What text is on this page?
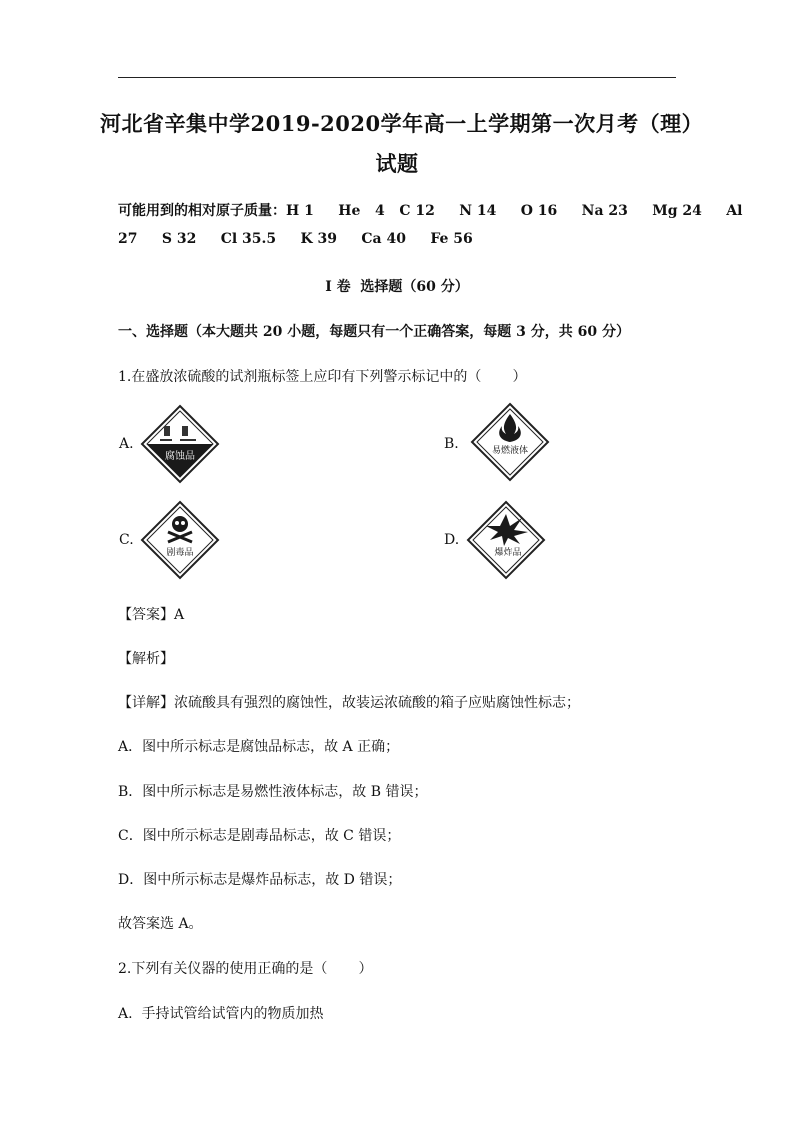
河北省辛集中学2019-2020学年高一上学期第一次月考（理）
试题
可能用到的相对原子质量：H 1     He   4   C 12     N 14     O 16     Na 23     Mg 24     Al
27     S 32     Cl 35.5     K 39     Ca 40     Fe 56
I 卷  选择题（60 分）
一、选择题（本大题共 20 小题，每题只有一个正确答案，每题 3 分，共 60 分）
1.在盛放浓硫酸的试剂瓶标签上应印有下列警示标记中的（       ）
A.
腐蚀品
B.	易燃液体
C.
剧毒品
D.
爆炸品
【答案】A
【解析】
【详解】浓硫酸具有强烈的腐蚀性，故装运浓硫酸的箱子应贴腐蚀性标志；
A．图中所示标志是腐蚀品标志，故 A 正确；
B．图中所示标志是易燃性液体标志，故 B 错误；
C．图中所示标志是剧毒品标志，故 C 错误；
D．图中所示标志是爆炸品标志，故 D 错误；
故答案选 A。
2.下列有关仪器的使用正确的是（       ）
A.  手持试管给试管内的物质加热
